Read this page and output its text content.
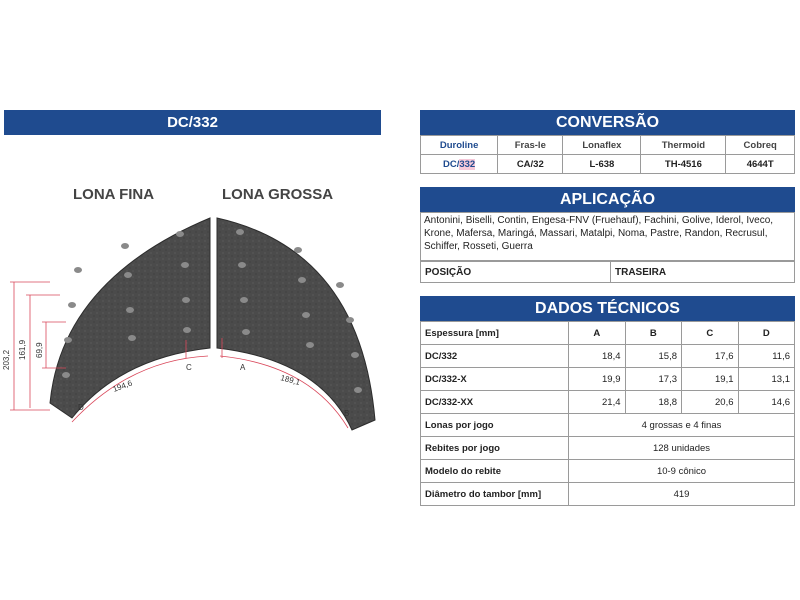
DC/332
LONA FINA	LONA GROSSA
203,2 161,9 69,9
194,6	189,1
C	A
D
B
CONVERSÃO
Duroline	Fras-le	Lonaflex	Thermoid	Cobreq
DC/332	CA/32	L-638	TH-4516	4644T
APLICAÇÃO
Antonini, Biselli, Contin, Engesa-FNV (Fruehauf), Fachini, Golive, Iderol, Iveco, Krone, Mafersa, Maringá, Massari, Matalpi, Noma, Pastre, Randon, Recrusul, Schiffer, Rosseti, Guerra
POSIÇÃO	TRASEIRA
DADOS TÉCNICOS
Espessura [mm]	A	B	C	D
DC/332	18,4	15,8	17,6	11,6
DC/332-X	19,9	17,3	19,1	13,1
DC/332-XX	21,4	18,8	20,6	14,6
Lonas por jogo	4 grossas e 4 finas			
Rebites por jogo	128 unidades			
Modelo do rebite	10-9 cônico			
Diâmetro do tambor [mm]	419			
